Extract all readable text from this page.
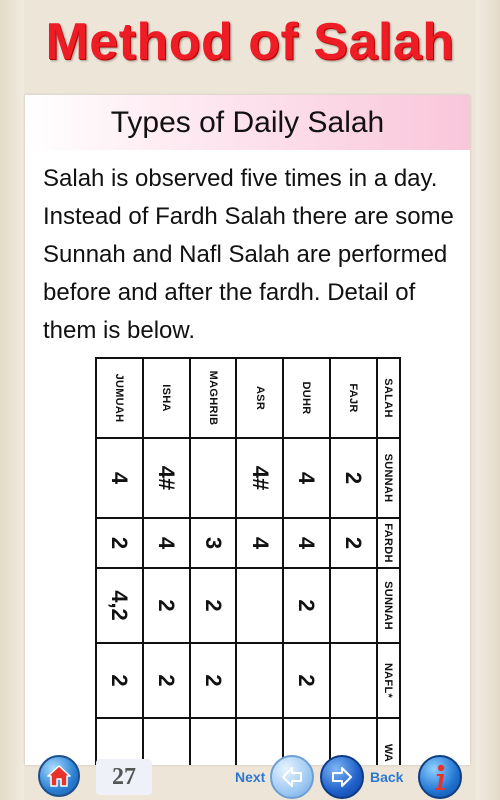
Method of Salah
Types of Daily Salah
Salah is observed five times in a day. Instead of Fardh Salah there are some Sunnah and Nafl Salah are performed before and after the fardh. Detail of them is below.
SALAH	SUNNAH	FARDH	SUNNAH	NAFL*	WA
FAJR	2	2			
DUHR	4	4	2	2	
ASR	4#	4			
MAGHRIB		3	2	2	
ISHA	4#	4	2	2	
JUMUAH	4	2	4,2	2	
27	Next	Back
